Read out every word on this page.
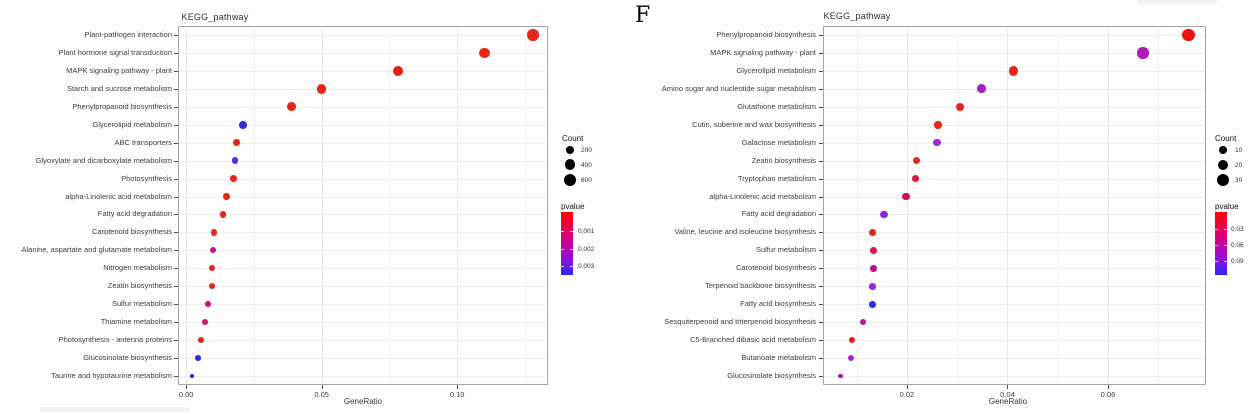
F
KEGG_pathway	KEGG_pathway
GeneRatio	GeneRatio
Plant-pathogen interaction
Plant hormone signal transduction
MAPK signaling pathway - plant
Starch and sucrose metabolism
Phenylpropanoid biosynthesis
Glycerolipid metabolism
ABC transporters
Glyoxylate and dicarboxylate metabolism
Photosynthesis
alpha-Linolenic acid metabolism
Fatty acid degradation
Carotenoid biosynthesis
Alanine, aspartate and glutamate metabolism
Nitrogen metabolism
Zeatin biosynthesis
Sulfur metabolism
Thiamine metabolism
Photosynthesis - antenna proteins
Glucosinolate biosynthesis
Taurine and hypotaurine metabolism
0.00	0.05	0.10
Count
200
400
600
pvalue
0.001
0.002
0.003
Phenylpropanoid biosynthesis
MAPK signaling pathway - plant
Glycerolipid metabolism
Amino sugar and nucleotide sugar metabolism
Glutathione metabolism
Cutin, suberine and wax biosynthesis
Galactose metabolism
Zeatin biosynthesis
Tryptophan metabolism
alpha-Linolenic acid metabolism
Fatty acid degradation
Valine, leucine and isoleucine biosynthesis
Sulfur metabolism
Carotenoid biosynthesis
Terpenoid backbone biosynthesis
Fatty acid biosynthesis
Sesquiterpenoid and triterpenoid biosynthesis
C5-Branched dibasic acid metabolism
Butanoate metabolism
Glucosinolate biosynthesis
0.02	0.04	0.06
Count
10
20
30
pvalue
0.03
0.06
0.09
